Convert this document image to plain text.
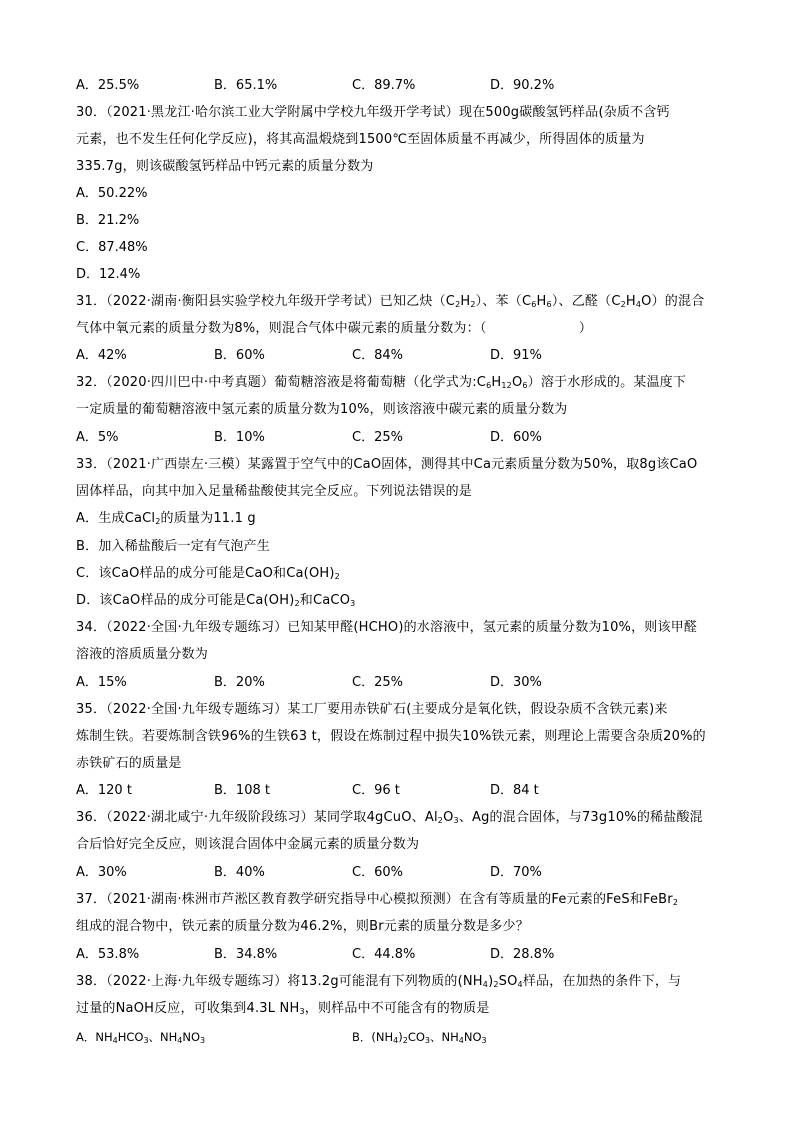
A．25.5%	B．65.1%	C．89.7%	D．90.2%
30．（2021·黑龙江·哈尔滨工业大学附属中学校九年级开学考试）现在500g碳酸氢钙样品(杂质不含钙
元素，也不发生任何化学反应)，将其高温煅烧到1500℃至固体质量不再减少，所得固体的质量为
335.7g，则该碳酸氢钙样品中钙元素的质量分数为
A．50.22%
B．21.2%
C．87.48%
D．12.4%
31．（2022·湖南·衡阳县实验学校九年级开学考试）已知乙炔$(C_2H_2)$、苯$(C_6H_6)$、乙醛$(C_2H_4O)$的混合
气体中氧元素的质量分数为8%，则混合气体中碳元素的质量分数为：（　　　　　　　）
A．42%	B．60%	C．84%	D．91%
32．（2020·四川巴中·中考真题）葡萄糖溶液是将葡萄糖（化学式为$:C_6H_{12}O_6$）溶于水形成的。某温度下
一定质量的葡萄糖溶液中氢元素的质量分数为10%，则该溶液中碳元素的质量分数为
A．5%	B．10%	C．25%	D．60%
33．（2021·广西崇左·三模）某露置于空气中的CaO固体，测得其中Ca元素质量分数为50%，取8g该CaO
固体样品，向其中加入足量稀盐酸使其完全反应。下列说法错误的是
A．生成CaCl$_2$的质量为11.1 g
B．加入稀盐酸后一定有气泡产生
C．该CaO样品的成分可能是CaO和$Ca(OH)_2$
D．该CaO样品的成分可能是$Ca(OH)_2$和CaCO$_3$
34．（2022·全国·九年级专题练习）已知某甲醛(HCHO)的水溶液中，氢元素的质量分数为10%，则该甲醛
溶液的溶质质量分数为
A．15%	B．20%	C．25%	D．30%
35．（2022·全国·九年级专题练习）某工厂要用赤铁矿石(主要成分是氧化铁，假设杂质不含铁元素)来
炼制生铁。若要炼制含铁96%的生铁63 t，假设在炼制过程中损失10%铁元素，则理论上需要含杂质20%的
赤铁矿石的质量是
A．120 t	B．108 t	C．96 t	D．84 t
36．（2022·湖北咸宁·九年级阶段练习）某同学取4gCuO、$Al_2O_3$、Ag的混合固体，与73g10%的稀盐酸混
合后恰好完全反应，则该混合固体中金属元素的质量分数为
A．30%	B．40%	C．60%	D．70%
37．（2021·湖南·株洲市芦淞区教育教学研究指导中心模拟预测）在含有等质量的Fe元素的FeS和FeBr$_2$
组成的混合物中，铁元素的质量分数为46.2%，则Br元素的质量分数是多少？
A．53.8%	B．34.8%	C．44.8%	D．28.8%
38．（2022·上海·九年级专题练习）将13.2g可能混有下列物质的$(NH_4)_2SO_4$样品，在加热的条件下，与
过量的NaOH反应，可收集到4.3L $NH_3$，则样品中不可能含有的物质是
A．$NH_4HCO_3$、$NH_4NO_3$	B．$(NH_4)_2CO_3$、$NH_4NO_3$
